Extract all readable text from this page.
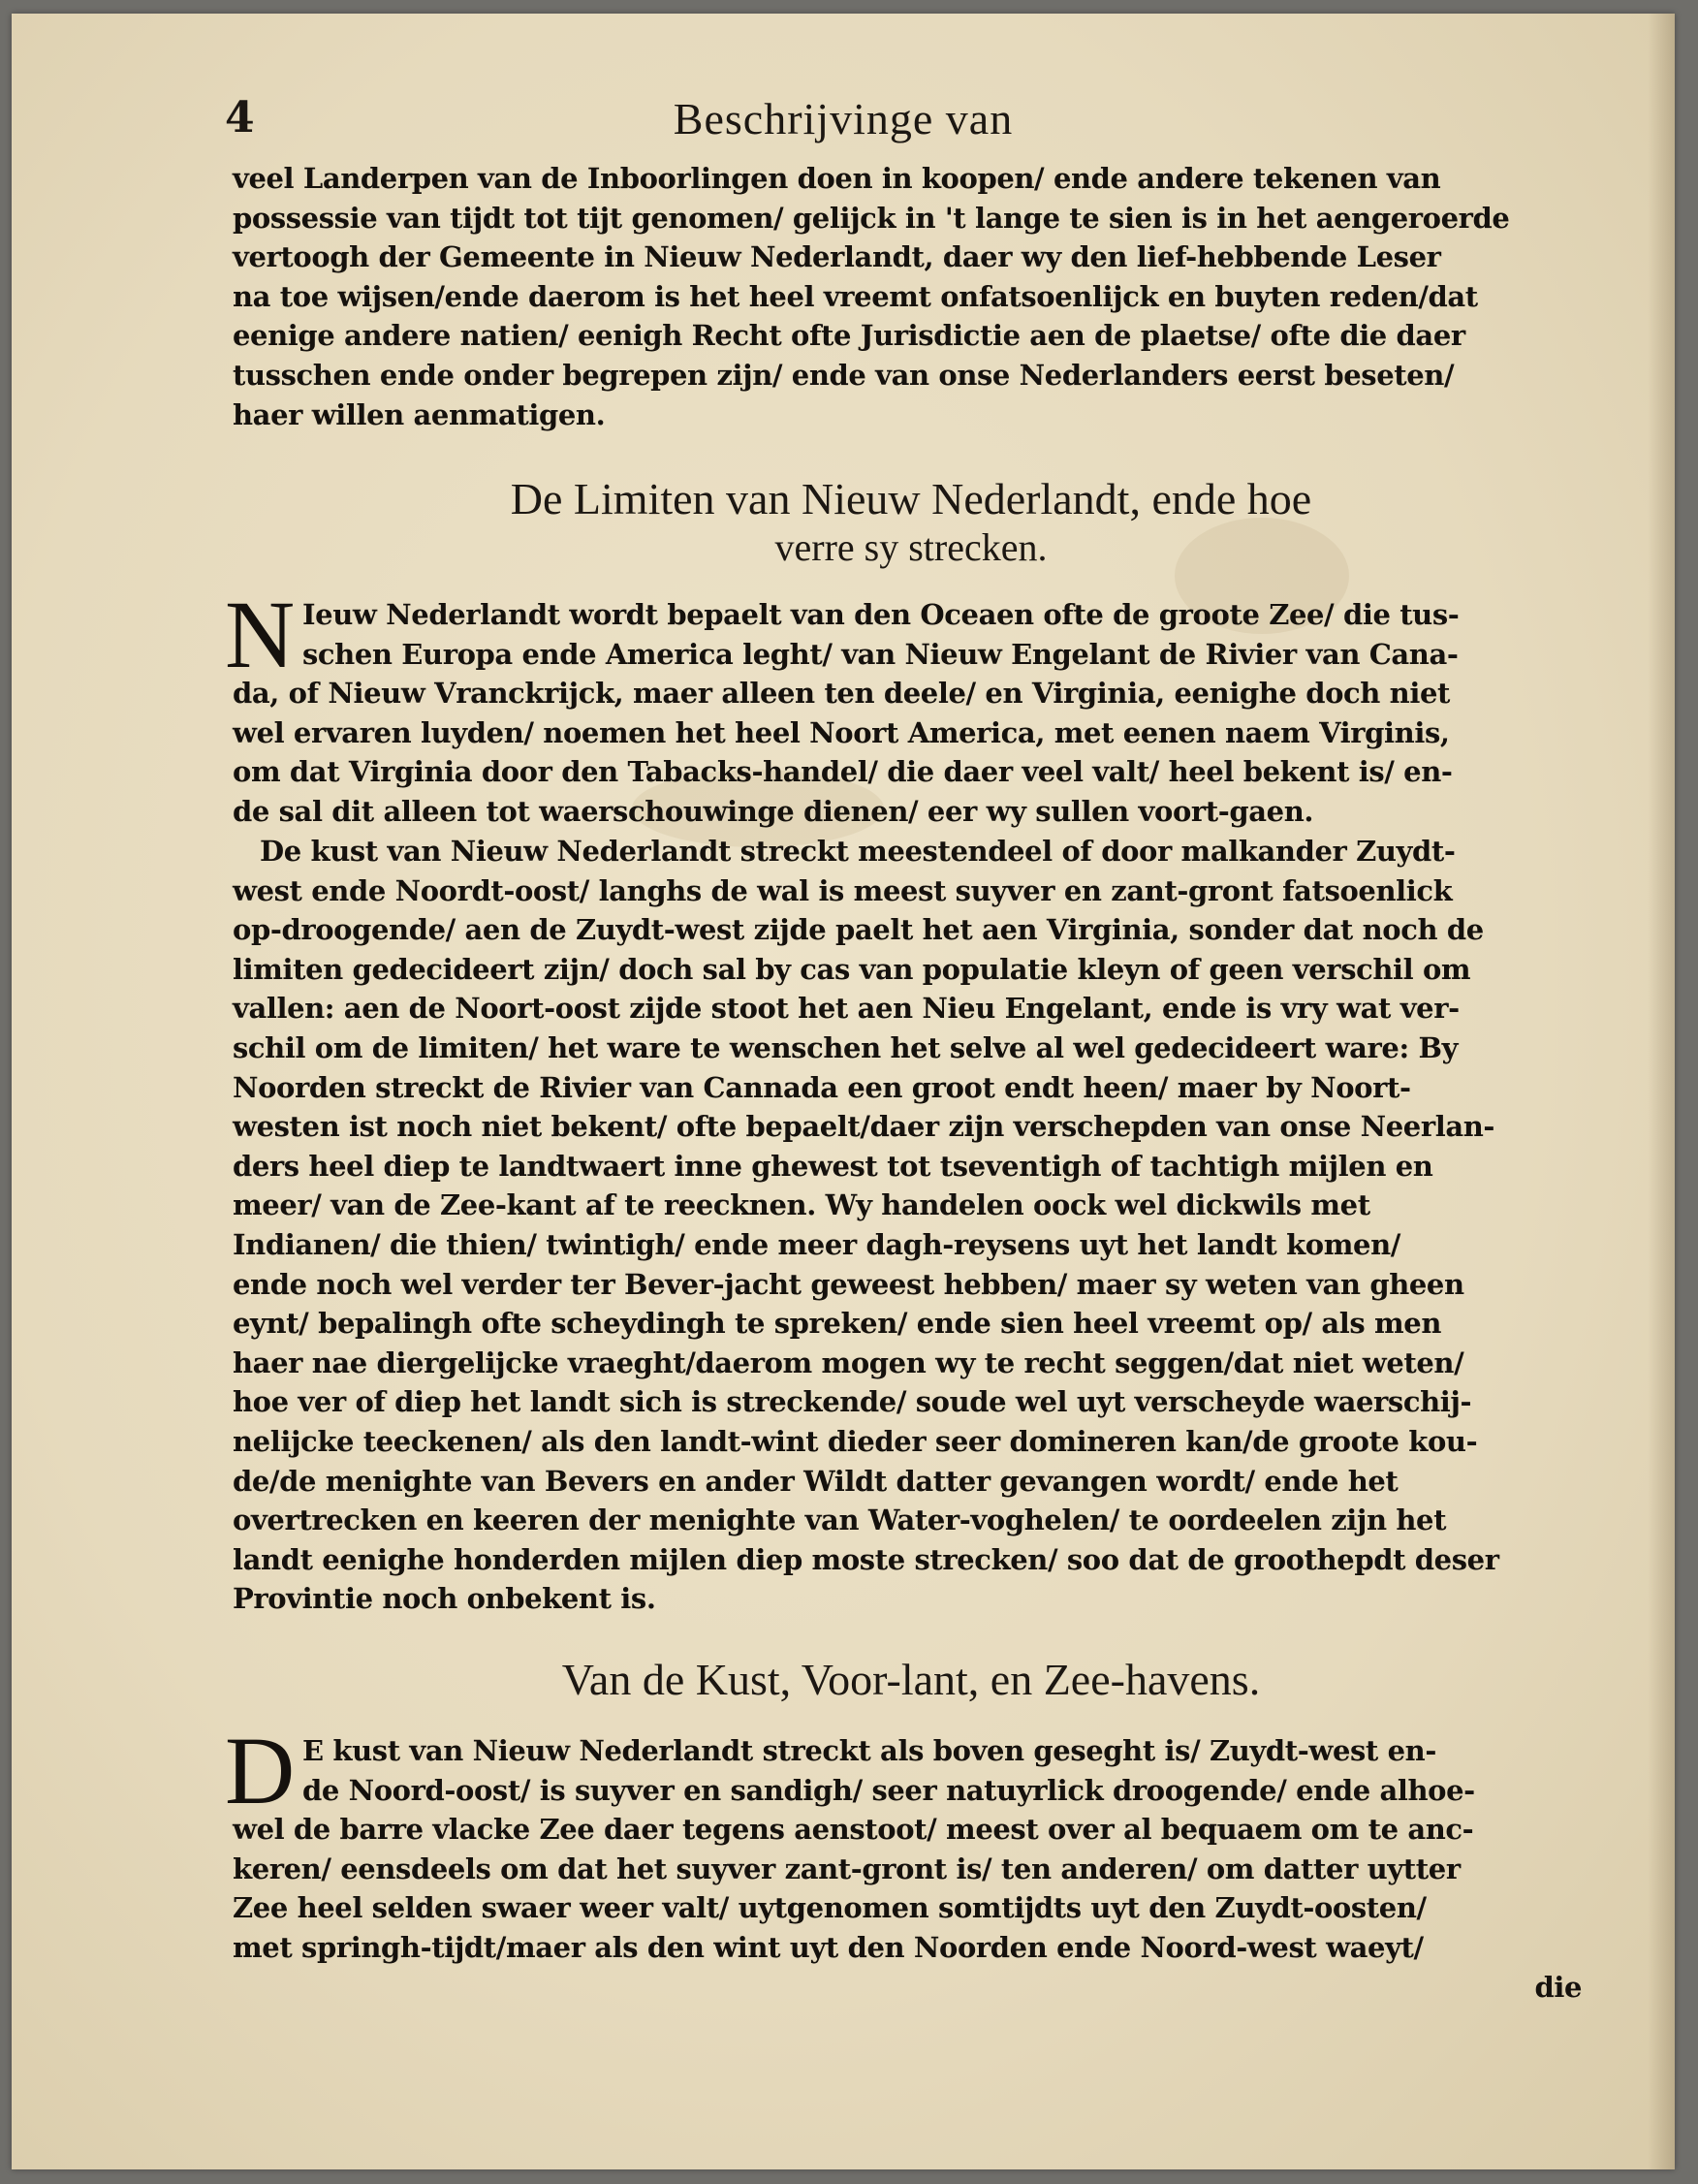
4	Beschrijvinge van
veel Landerpen van de Inboorlingen doen in koopen/ ende andere tekenen van
possessie van tijdt tot tijt genomen/ gelijck in 't lange te sien is in het aengeroerde
vertoogh der Gemeente in Nieuw Nederlandt, daer wy den lief-hebbende Leser
na toe wijsen/ende daerom is het heel vreemt onfatsoenlijck en buyten reden/dat
eenige andere natien/ eenigh Recht ofte Jurisdictie aen de plaetse/ ofte die daer
tusschen ende onder begrepen zijn/ ende van onse Nederlanders eerst beseten/
haer willen aenmatigen.
De Limiten van Nieuw Nederlandt, ende hoe
verre sy strecken.
N Ieuw Nederlandt wordt bepaelt van den Oceaen ofte de groote Zee/ die tus-
schen Europa ende America leght/ van Nieuw Engelant de Rivier van Cana-
da, of Nieuw Vranckrijck, maer alleen ten deele/ en Virginia, eenighe doch niet
wel ervaren luyden/ noemen het heel Noort America, met eenen naem Virginis,
om dat Virginia door den Tabacks-handel/ die daer veel valt/ heel bekent is/ en-
de sal dit alleen tot waerschouwinge dienen/ eer wy sullen voort-gaen.
De kust van Nieuw Nederlandt streckt meestendeel of door malkander Zuydt-
west ende Noordt-oost/ langhs de wal is meest suyver en zant-gront fatsoenlick
op-droogende/ aen de Zuydt-west zijde paelt het aen Virginia, sonder dat noch de
limiten gedecideert zijn/ doch sal by cas van populatie kleyn of geen verschil om
vallen: aen de Noort-oost zijde stoot het aen Nieu Engelant, ende is vry wat ver-
schil om de limiten/ het ware te wenschen het selve al wel gedecideert ware: By
Noorden streckt de Rivier van Cannada een groot endt heen/ maer by Noort-
westen ist noch niet bekent/ ofte bepaelt/daer zijn verschepden van onse Neerlan-
ders heel diep te landtwaert inne ghewest tot tseventigh of tachtigh mijlen en
meer/ van de Zee-kant af te reecknen. Wy handelen oock wel dickwils met
Indianen/ die thien/ twintigh/ ende meer dagh-reysens uyt het landt komen/
ende noch wel verder ter Bever-jacht geweest hebben/ maer sy weten van gheen
eynt/ bepalingh ofte scheydingh te spreken/ ende sien heel vreemt op/ als men
haer nae diergelijcke vraeght/daerom mogen wy te recht seggen/dat niet weten/
hoe ver of diep het landt sich is streckende/ soude wel uyt verscheyde waerschij-
nelijcke teeckenen/ als den landt-wint dieder seer domineren kan/de groote kou-
de/de menighte van Bevers en ander Wildt datter gevangen wordt/ ende het
overtrecken en keeren der menighte van Water-voghelen/ te oordeelen zijn het
landt eenighe honderden mijlen diep moste strecken/ soo dat de groothepdt deser
Provintie noch onbekent is.
Van de Kust, Voor-lant, en Zee-havens.
D E kust van Nieuw Nederlandt streckt als boven geseght is/ Zuydt-west en-
de Noord-oost/ is suyver en sandigh/ seer natuyrlick droogende/ ende alhoe-
wel de barre vlacke Zee daer tegens aenstoot/ meest over al bequaem om te anc-
keren/ eensdeels om dat het suyver zant-gront is/ ten anderen/ om datter uytter
Zee heel selden swaer weer valt/ uytgenomen somtijdts uyt den Zuydt-oosten/
met springh-tijdt/maer als den wint uyt den Noorden ende Noord-west waeyt/
die
